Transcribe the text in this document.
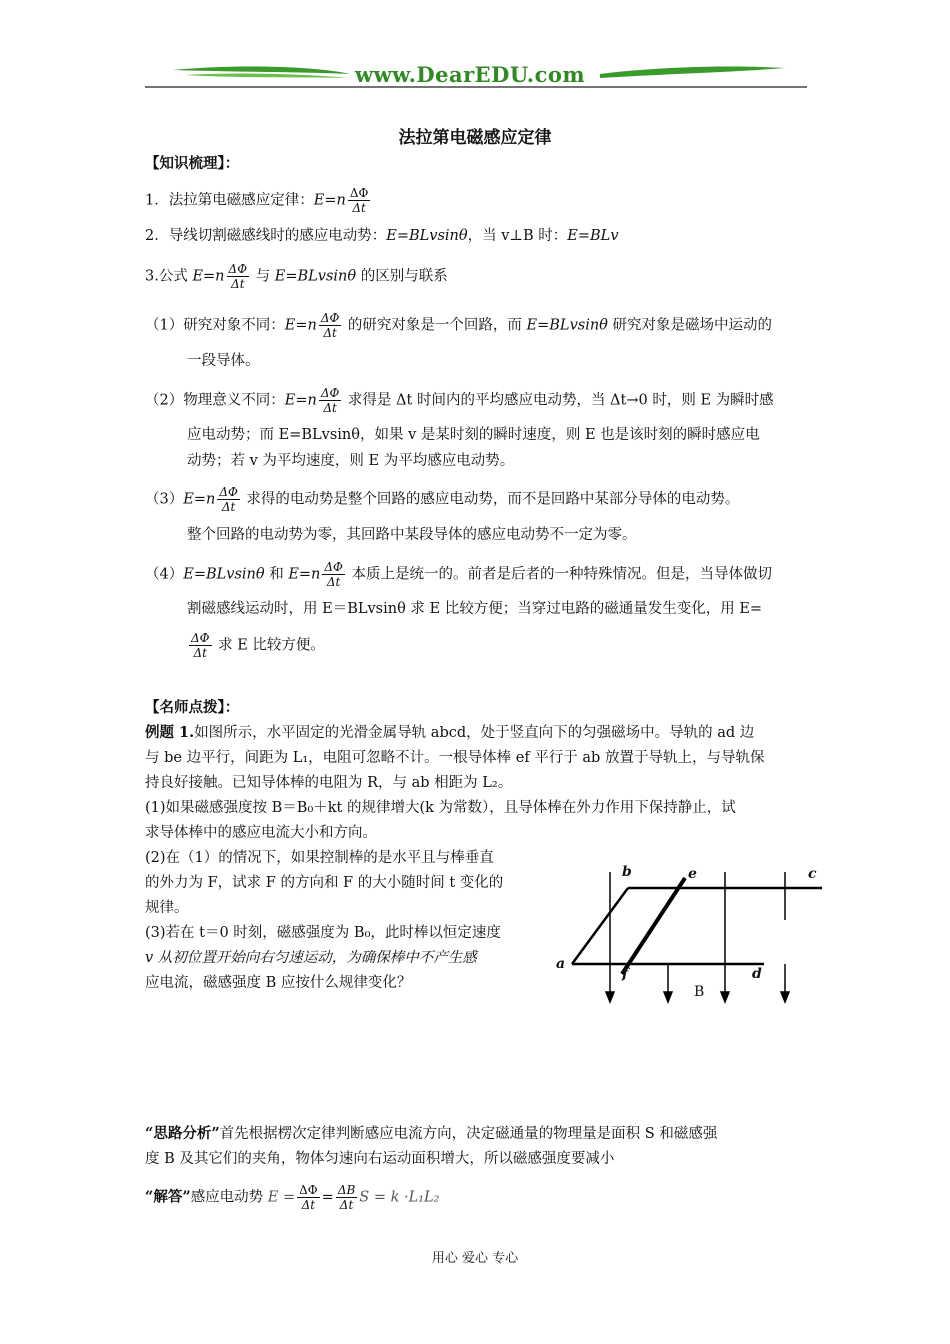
www.DearEDU.com
法拉第电磁感应定律
【知识梳理】：
1．法拉第电磁感应定律：$E=n \frac{\Delta\Phi}{\Delta t}$
2．导线切割磁感线时的感应电动势：E=BLvsinθ，当 v⊥B 时：E=BLv
3.公式 $E=n \frac{\Delta\Phi}{\Delta t}$ 与 E=BLvsinθ 的区别与联系
（1）研究对象不同：$E=n \frac{\Delta\Phi}{\Delta t}$ 的研究对象是一个回路，而 E=BLvsinθ 研究对象是磁场中运动的
一段导体。
（2）物理意义不同：$E=n \frac{\Delta\Phi}{\Delta t}$ 求得是 Δt 时间内的平均感应电动势，当 Δt→0 时，则 E 为瞬时感
应电动势；而 E=BLvsinθ，如果 v 是某时刻的瞬时速度，则 E 也是该时刻的瞬时感应电
动势；若 v 为平均速度，则 E 为平均感应电动势。
$(3)E=n \frac{\Delta\Phi}{\Delta t}$ 求得的电动势是整个回路的感应电动势，而不是回路中某部分导体的电动势。
整个回路的电动势为零，其回路中某段导体的感应电动势不一定为零。
（4）E=BLvsinθ 和 $E=n \frac{\Delta\Phi}{\Delta t}$ 本质上是统一的。前者是后者的一种特殊情况。但是，当导体做切
割磁感线运动时，用 E＝BLvsinθ 求 E 比较方便；当穿过电路的磁通量发生变化，用 E=
$\frac{\Delta\Phi}{\Delta t}$ 求 E 比较方便。
【名师点拨】：
例题 1.如图所示，水平固定的光滑金属导轨 abcd，处于竖直向下的匀强磁场中。导轨的 ad 边
与 be 边平行，间距为 L₁，电阻可忽略不计。一根导体棒 ef 平行于 ab 放置于导轨上，与导轨保
持良好接触。已知导体棒的电阻为 R，与 ab 相距为 L₂。
(1)如果磁感强度按 B＝B₀＋kt 的规律增大(k 为常数），且导体棒在外力作用下保持静止，试
求导体棒中的感应电流大小和方向。
(2)在（1）的情况下，如果控制棒的是水平且与棒垂直
的外力为 F，试求 F 的方向和 F 的大小随时间 t 变化的
规律。
(3)若在 t＝0 时刻，磁感强度为 B₀，此时棒以恒定速度
v 从初位置开始向右匀速运动，为确保棒中不产生感
应电流，磁感强度 B 应按什么规律变化？
b	e	c
a
f	d
B
“思路分析”首先根据楞次定律判断感应电流方向，决定磁通量的物理量是面积 S 和磁感强
度 B 及其它们的夹角，物体匀速向右运动面积增大，所以磁感强度要减小
“解答”感应电动势 $E = \frac{\Delta\Phi}{\Delta t} = \frac{\Delta B}{\Delta t}$ S = k ·L₁L₂
用心 爱心 专心
